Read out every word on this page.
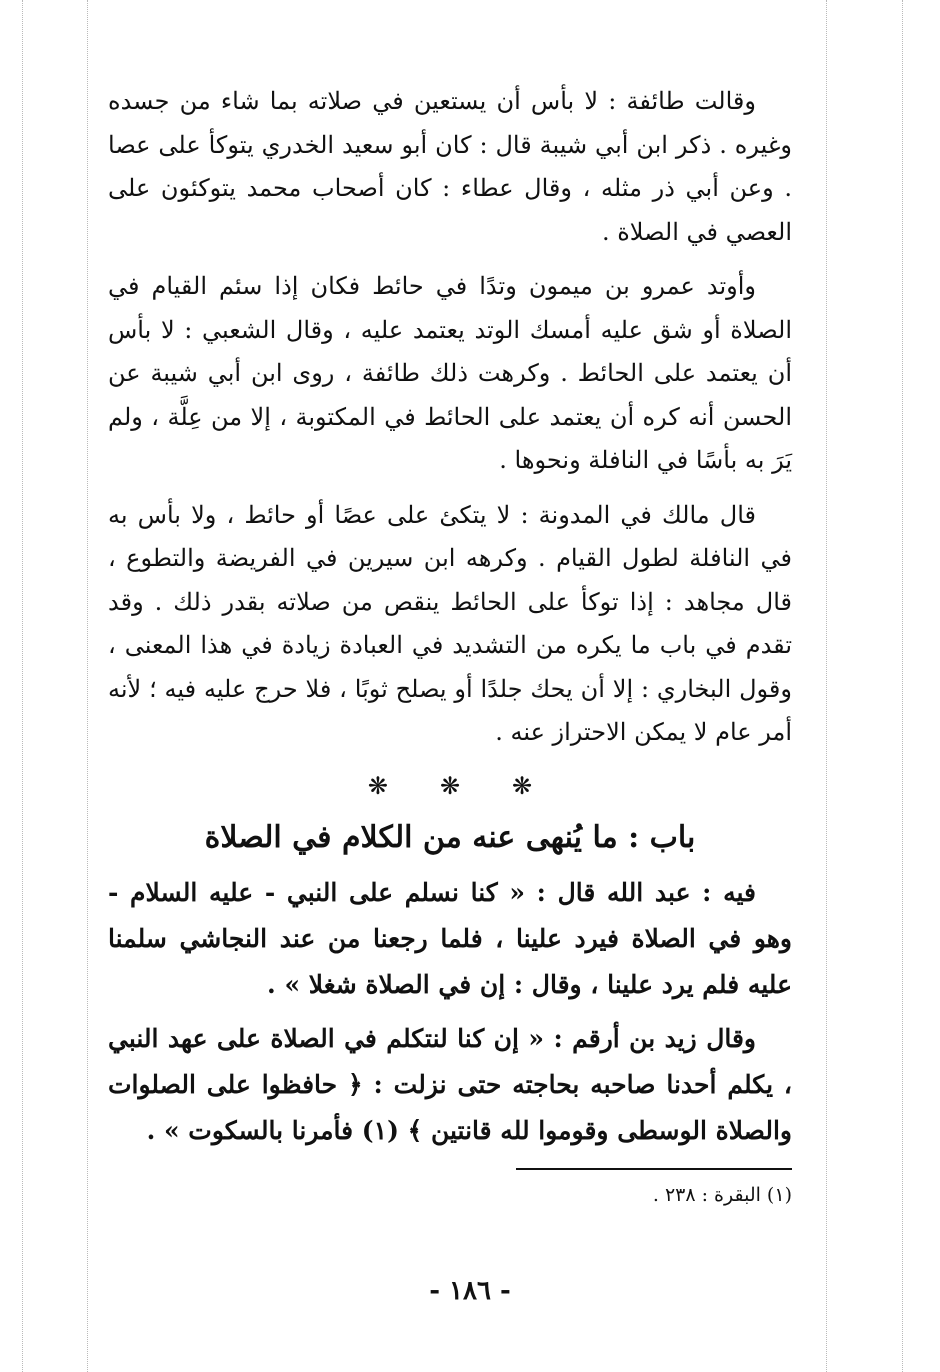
وقالت طائفة : لا بأس أن يستعين في صلاته بما شاء من جسده وغيره . ذكر ابن أبي شيبة قال : كان أبو سعيد الخدري يتوكأ على عصا . وعن أبي ذر مثله ، وقال عطاء : كان أصحاب محمد يتوكئون على العصي في الصلاة .

وأوتد عمرو بن ميمون وتدًا في حائط فكان إذا سئم القيام في الصلاة أو شق عليه أمسك الوتد يعتمد عليه ، وقال الشعبي : لا بأس أن يعتمد على الحائط . وكرهت ذلك طائفة ، روى ابن أبي شيبة عن الحسن أنه كره أن يعتمد على الحائط في المكتوبة ، إلا من عِلَّة ، ولم يَرَ به بأسًا في النافلة ونحوها .

قال مالك في المدونة : لا يتكئ على عصًا أو حائط ، ولا بأس به في النافلة لطول القيام . وكرهه ابن سيرين في الفريضة والتطوع ، قال مجاهد : إذا توكأ على الحائط ينقص من صلاته بقدر ذلك . وقد تقدم في باب ما يكره من التشديد في العبادة زيادة في هذا المعنى ، وقول البخاري : إلا أن يحك جلدًا أو يصلح ثوبًا ، فلا حرج عليه فيه ؛ لأنه أمر عام لا يمكن الاحتراز عنه .

❋ ❋ ❋
باب : ما يُنهى عنه من الكلام في الصلاة

فيه : عبد الله قال : « كنا نسلم على النبي - عليه السلام - وهو في الصلاة فيرد علينا ، فلما رجعنا من عند النجاشي سلمنا عليه فلم يرد علينا ، وقال : إن في الصلاة شغلا » .

وقال زيد بن أرقم : « إن كنا لنتكلم في الصلاة على عهد النبي ، يكلم أحدنا صاحبه بحاجته حتى نزلت : ﴿ حافظوا على الصلوات والصلاة الوسطى وقوموا لله قانتين ﴾ (١) فأمرنا بالسكوت » .

(١) البقرة : ٢٣٨ .

- ١٨٦ -
